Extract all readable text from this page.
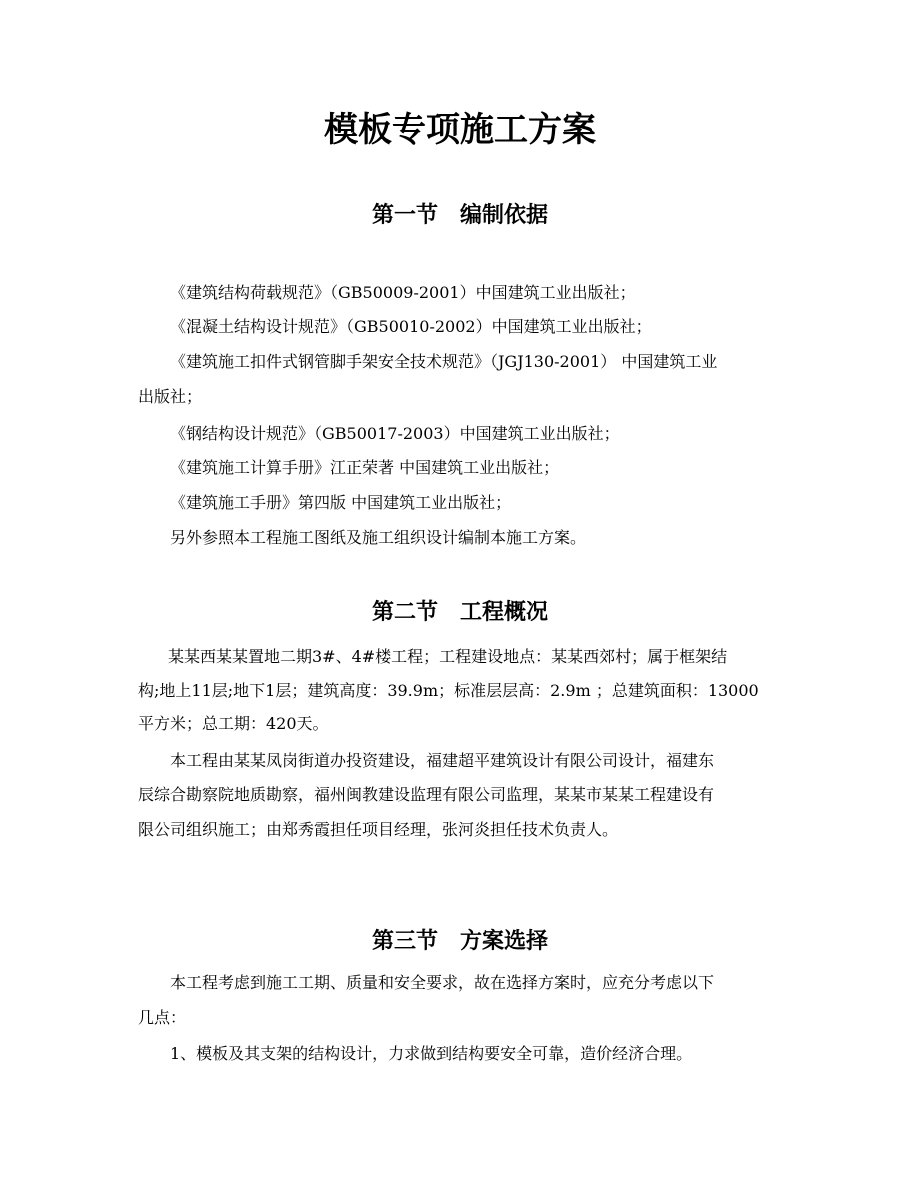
模板专项施工方案
第一节　编制依据

《建筑结构荷载规范》（GB50009-2001）中国建筑工业出版社；

《混凝土结构设计规范》（GB50010-2002）中国建筑工业出版社；

《建筑施工扣件式钢管脚手架安全技术规范》（JGJ130-2001） 中国建筑工业

出版社；

《钢结构设计规范》（GB50017-2003）中国建筑工业出版社；

《建筑施工计算手册》江正荣著 中国建筑工业出版社；

《建筑施工手册》第四版 中国建筑工业出版社；

另外参照本工程施工图纸及施工组织设计编制本施工方案。

第二节　工程概况

某某西某某置地二期3#、4#楼工程；工程建设地点：某某西郊村；属于框架结

构;地上11层;地下1层；建筑高度：39.9m；标准层层高：2.9m ；总建筑面积：13000

平方米；总工期：420天。

本工程由某某凤岗街道办投资建设，福建超平建筑设计有限公司设计，福建东

辰综合勘察院地质勘察，福州闽教建设监理有限公司监理，某某市某某工程建设有

限公司组织施工；由郑秀霞担任项目经理，张河炎担任技术负责人。

第三节　方案选择

本工程考虑到施工工期、质量和安全要求，故在选择方案时，应充分考虑以下

几点：

1、模板及其支架的结构设计，力求做到结构要安全可靠，造价经济合理。
